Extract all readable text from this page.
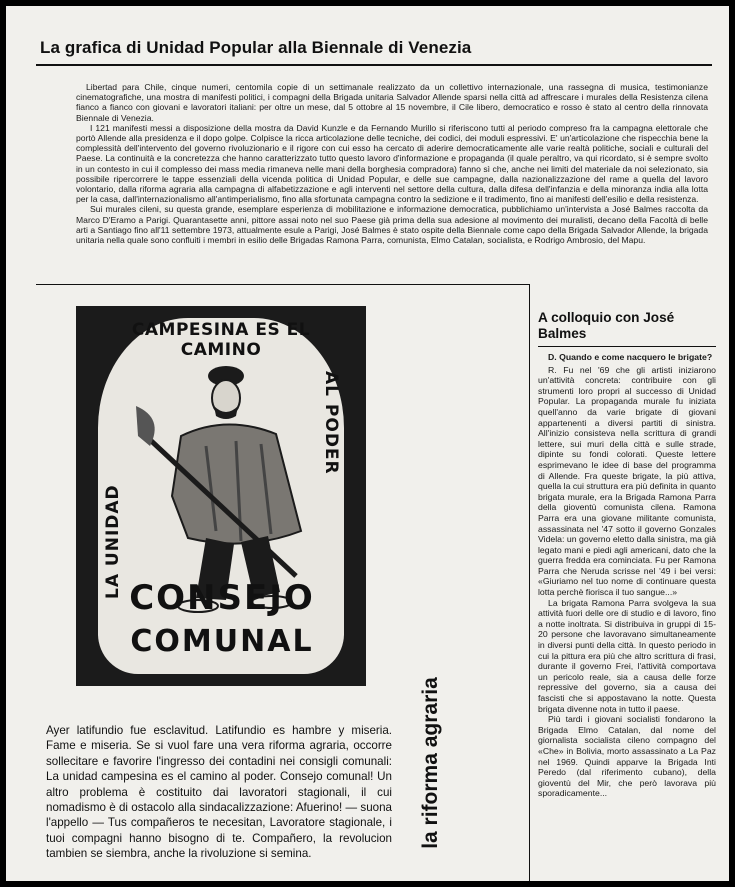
La grafica di Unidad Popular alla Biennale di Venezia

Libertad para Chile, cinque numeri, centomila copie di un settimanale realizzato da un collettivo internazionale, una rassegna di musica, testimonianze cinematografiche, una mostra di manifesti politici, i compagni della Brigada unitaria Salvador Allende sparsi nella città ad affrescare i murales della Resistenza cilena fianco a fianco con giovani e lavoratori italiani: per oltre un mese, dal 5 ottobre al 15 novembre, il Cile libero, democratico e rosso è stato al centro della rinnovata Biennale di Venezia.

I 121 manifesti messi a disposizione della mostra da David Kunzle e da Fernando Murillo si riferiscono tutti al periodo compreso fra la campagna elettorale che portò Allende alla presidenza e il dopo golpe. Colpisce la ricca articolazione delle tecniche, dei codici, dei moduli espressivi. E' un'articolazione che rispecchia bene la complessità dell'intervento del governo rivoluzionario e il rigore con cui esso ha cercato di aderire democraticamente alle varie realtà politiche, sociali e culturali del Paese. La continuità e la concretezza che hanno caratterizzato tutto questo lavoro d'informazione e propaganda (il quale peraltro, va qui ricordato, si è sempre svolto in un contesto in cui il complesso dei mass media rimaneva nelle mani della borghesia compradora) fanno sì che, anche nei limiti del materiale da noi selezionato, sia possibile ripercorrere le tappe essenziali della vicenda politica di Unidad Popular, e delle sue campagne, dalla nazionalizzazione del rame a quella del lavoro volontario, dalla riforma agraria alla campagna di alfabetizzazione e agli interventi nel settore della cultura, dalla difesa dell'infanzia e della minoranza india alla lotta per la casa, dall'internazionalismo all'antimperialismo, fino alla sfortunata campagna contro la sedizione e il tradimento, fino ai manifesti dell'esilio e della resistenza.

Sui murales cileni, su questa grande, esemplare esperienza di mobilitazione e informazione democratica, pubblichiamo un'intervista a José Balmes raccolta da Marco D'Eramo a Parigi. Quarantasette anni, pittore assai noto nel suo Paese già prima della sua adesione al movimento dei muralisti, decano della Facoltà di belle arti a Santiago fino all'11 settembre 1973, attualmente esule a Parigi, José Balmes è stato ospite della Biennale come capo della Brigada Salvador Allende, la brigada unitaria nella quale sono confluiti i membri in esilio delle Brigadas Ramona Parra, comunista, Elmo Catalan, socialista, e Rodrigo Ambrosio, del Mapu.

CAMPESINA ES EL CAMINO
LA UNIDAD
AL PODER
CONSEJO
COMUNAL
Ayer latifundio fue esclavitud. Latifundio es hambre y miseria. Fame e miseria. Se si vuol fare una vera riforma agraria, occorre sollecitare e favorire l'ingresso dei contadini nei consigli comunali: La unidad campesina es el camino al poder. Consejo comunal! Un altro problema è costituito dai lavoratori stagionali, il cui nomadismo è di ostacolo alla sindacalizzazione: Afuerino! — suona l'appello — Tus compañeros te necesitan, Lavoratore stagionale, i tuoi compagni hanno bisogno di te. Compañero, la revolucion tambien se siembra, anche la rivoluzione si semina.
la riforma agraria
A colloquio con José Balmes

D. Quando e come nacquero le brigate?

R. Fu nel '69 che gli artisti iniziarono un'attività concreta: contribuire con gli strumenti loro propri al successo di Unidad Popular. La propaganda murale fu iniziata quell'anno da varie brigate di giovani appartenenti a diversi partiti di sinistra. All'inizio consisteva nella scrittura di grandi lettere, sui muri della città e sulle strade, dipinte su fondi colorati. Queste lettere esprimevano le idee di base del programma di Allende. Fra queste brigate, la più attiva, quella la cui struttura era più definita in quanto brigata murale, era la Brigada Ramona Parra della gioventù comunista cilena. Ramona Parra era una giovane militante comunista, assassinata nel '47 sotto il governo Gonzales Videla: un governo eletto dalla sinistra, ma già legato mani e piedi agli americani, dato che la guerra fredda era cominciata. Fu per Ramona Parra che Neruda scrisse nel '49 i bei versi: «Giuriamo nel tuo nome di continuare questa lotta perchè fiorisca il tuo sangue...»

La brigata Ramona Parra svolgeva la sua attività fuori delle ore di studio e di lavoro, fino a notte inoltrata. Si distribuiva in gruppi di 15-20 persone che lavoravano simultaneamente in diversi punti della città. In questo periodo in cui la pittura era più che altro scrittura di frasi, durante il governo Frei, l'attività comportava un pericolo reale, sia a causa delle forze repressive del governo, sia a causa dei fascisti che si appostavano la notte. Questa brigata divenne nota in tutto il paese.

Più tardi i giovani socialisti fondarono la Brigada Elmo Catalan, dal nome del giornalista socialista cileno compagno del «Che» in Bolivia, morto assassinato a La Paz nel 1969. Quindi apparve la Brigada Inti Peredo (dal riferimento cubano), della gioventù del Mir, che però lavorava più sporadicamente...
